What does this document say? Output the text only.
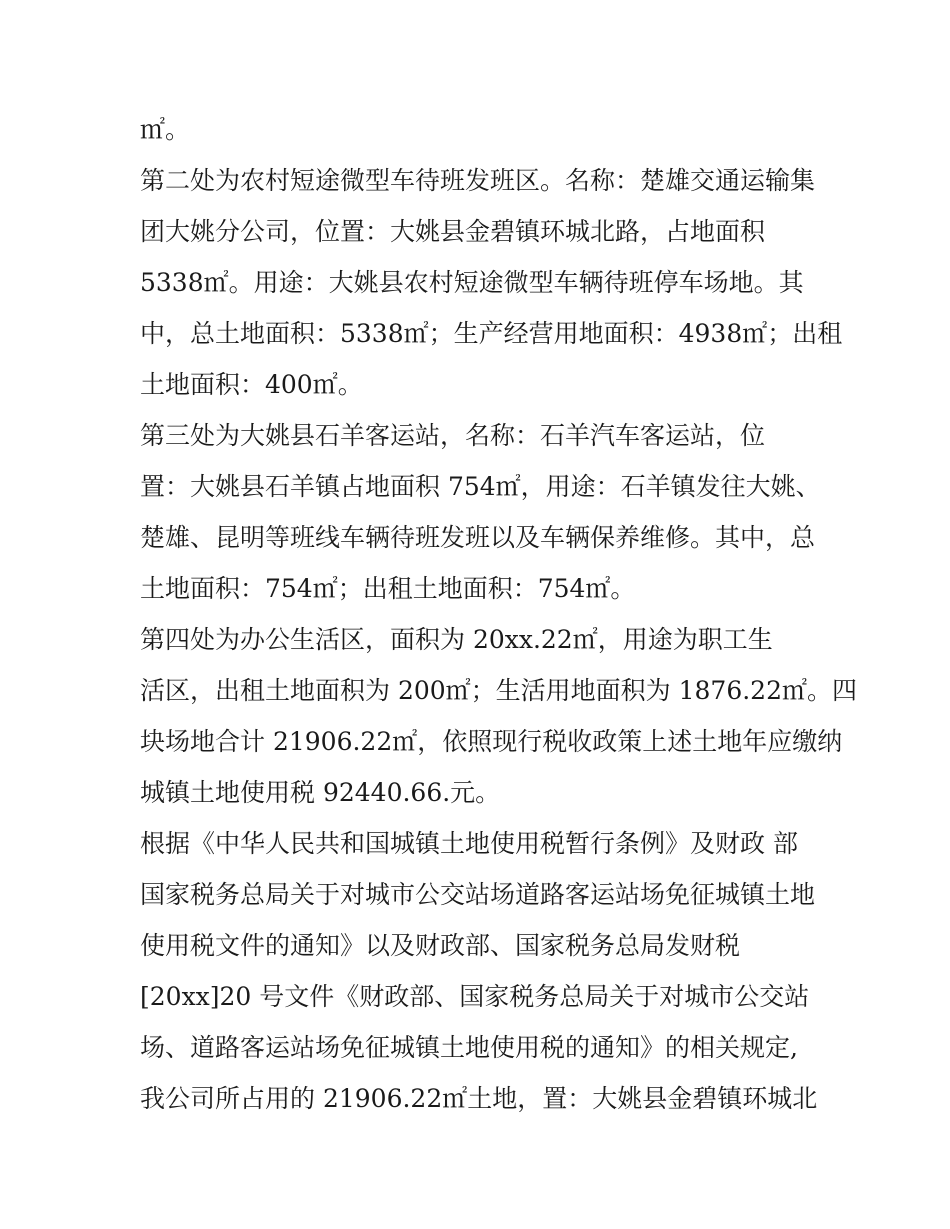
㎡。
第二处为农村短途微型车待班发班区。名称：楚雄交通运输集
团大姚分公司，位置：大姚县金碧镇环城北路，占地面积
5338㎡。用途：大姚县农村短途微型车辆待班停车场地。其
中，总土地面积：5338㎡；生产经营用地面积：4938㎡；出租
土地面积：400㎡。
第三处为大姚县石羊客运站，名称：石羊汽车客运站，位
置：大姚县石羊镇占地面积 754㎡，用途：石羊镇发往大姚、
楚雄、昆明等班线车辆待班发班以及车辆保养维修。其中，总
土地面积：754㎡；出租土地面积：754㎡。
第四处为办公生活区，面积为 20xx.22㎡，用途为职工生
活区，出租土地面积为 200㎡；生活用地面积为 1876.22㎡。四
块场地合计 21906.22㎡，依照现行税收政策上述土地年应缴纳
城镇土地使用税 92440.66.元。
根据《中华人民共和国城镇土地使用税暂行条例》及财政 部
国家税务总局关于对城市公交站场道路客运站场免征城镇土地
使用税文件的通知》以及财政部、国家税务总局发财税
[20xx]20 号文件《财政部、国家税务总局关于对城市公交站
场、道路客运站场免征城镇土地使用税的通知》的相关规定,
我公司所占用的 21906.22㎡土地，置：大姚县金碧镇环城北
